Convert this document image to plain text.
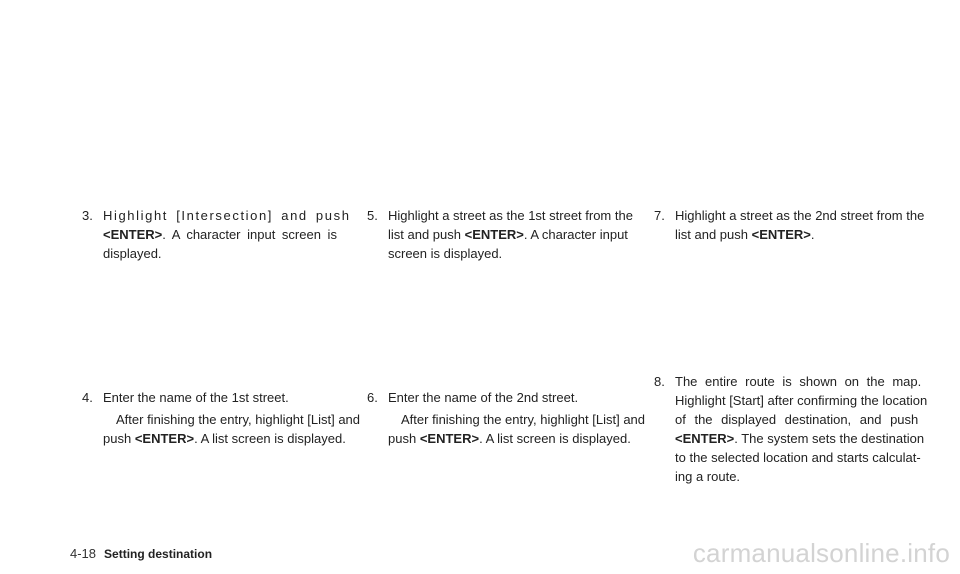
3. Highlight [Intersection] and push
<ENTER>. A character input screen is
displayed.
4. Enter the name of the 1st street.
After finishing the entry, highlight [List] and
push <ENTER>. A list screen is displayed.
5. Highlight a street as the 1st street from the
list and push <ENTER>. A character input
screen is displayed.
6. Enter the name of the 2nd street.
After finishing the entry, highlight [List] and
push <ENTER>. A list screen is displayed.
7. Highlight a street as the 2nd street from the
list and push <ENTER>.
8. The entire route is shown on the map.
Highlight [Start] after confirming the location
of the displayed destination, and push
<ENTER>. The system sets the destination
to the selected location and starts calculat-
ing a route.
4-18 Setting destination	carmanualsonline.info
